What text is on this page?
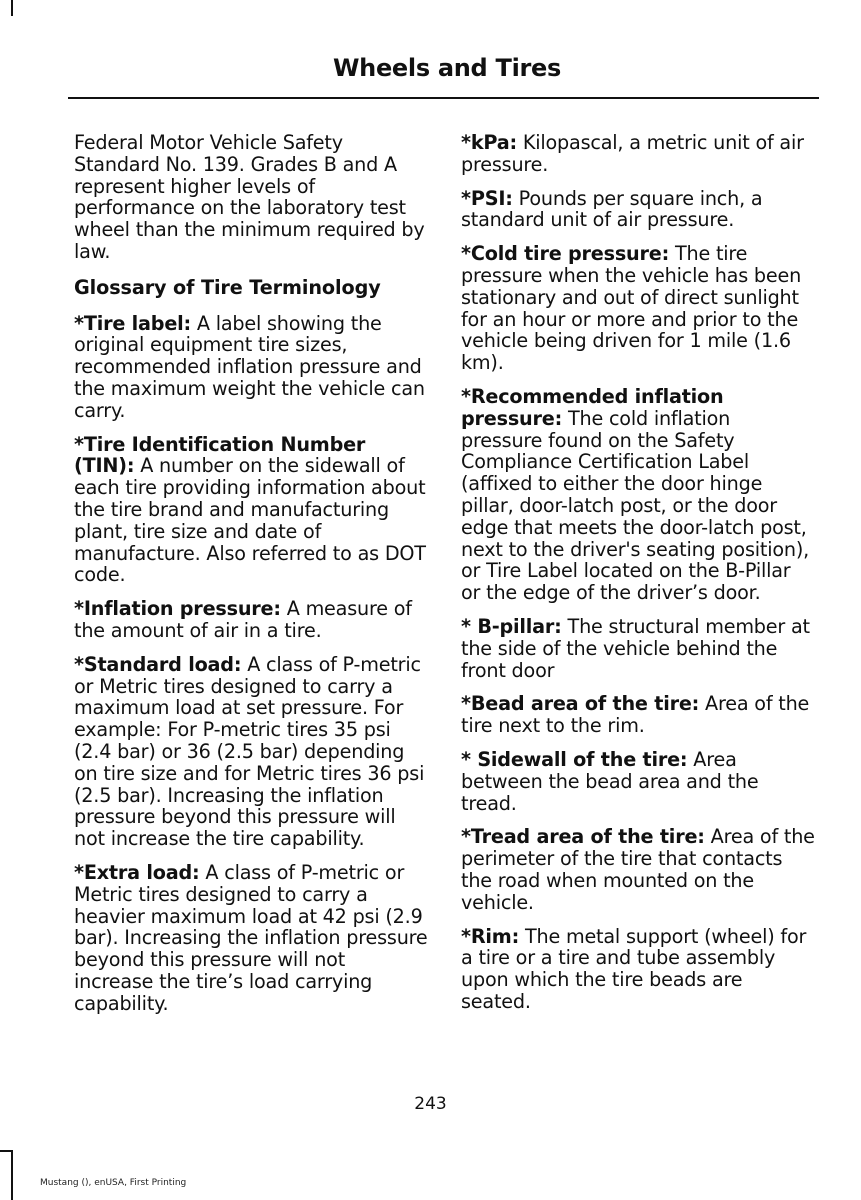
Wheels and Tires

Federal Motor Vehicle Safety Standard No. 139. Grades B and A represent higher levels of performance on the laboratory test wheel than the minimum required by law.

Glossary of Tire Terminology

*Tire label: A label showing the original equipment tire sizes, recommended inflation pressure and the maximum weight the vehicle can carry.

*Tire Identification Number (TIN): A number on the sidewall of each tire providing information about the tire brand and manufacturing plant, tire size and date of manufacture. Also referred to as DOT code.

*Inflation pressure: A measure of the amount of air in a tire.

*Standard load: A class of P-metric or Metric tires designed to carry a maximum load at set pressure. For example: For P-metric tires 35 psi (2.4 bar) or 36 (2.5 bar) depending on tire size and for Metric tires 36 psi (2.5 bar). Increasing the inflation pressure beyond this pressure will not increase the tire capability.

*Extra load: A class of P-metric or Metric tires designed to carry a heavier maximum load at 42 psi (2.9 bar). Increasing the inflation pressure beyond this pressure will not increase the tire’s load carrying capability.

*kPa: Kilopascal, a metric unit of air pressure.

*PSI: Pounds per square inch, a standard unit of air pressure.

*Cold tire pressure: The tire pressure when the vehicle has been stationary and out of direct sunlight for an hour or more and prior to the vehicle being driven for 1 mile (1.6 km).

*Recommended inflation pressure: The cold inflation pressure found on the Safety Compliance Certification Label (affixed to either the door hinge pillar, door-latch post, or the door edge that meets the door-latch post, next to the driver's seating position), or Tire Label located on the B-Pillar or the edge of the driver’s door.

* B-pillar: The structural member at the side of the vehicle behind the front door

*Bead area of the tire: Area of the tire next to the rim.

* Sidewall of the tire: Area between the bead area and the tread.

*Tread area of the tire: Area of the perimeter of the tire that contacts the road when mounted on the vehicle.

*Rim: The metal support (wheel) for a tire or a tire and tube assembly upon which the tire beads are seated.

243
Mustang (), enUSA, First Printing
